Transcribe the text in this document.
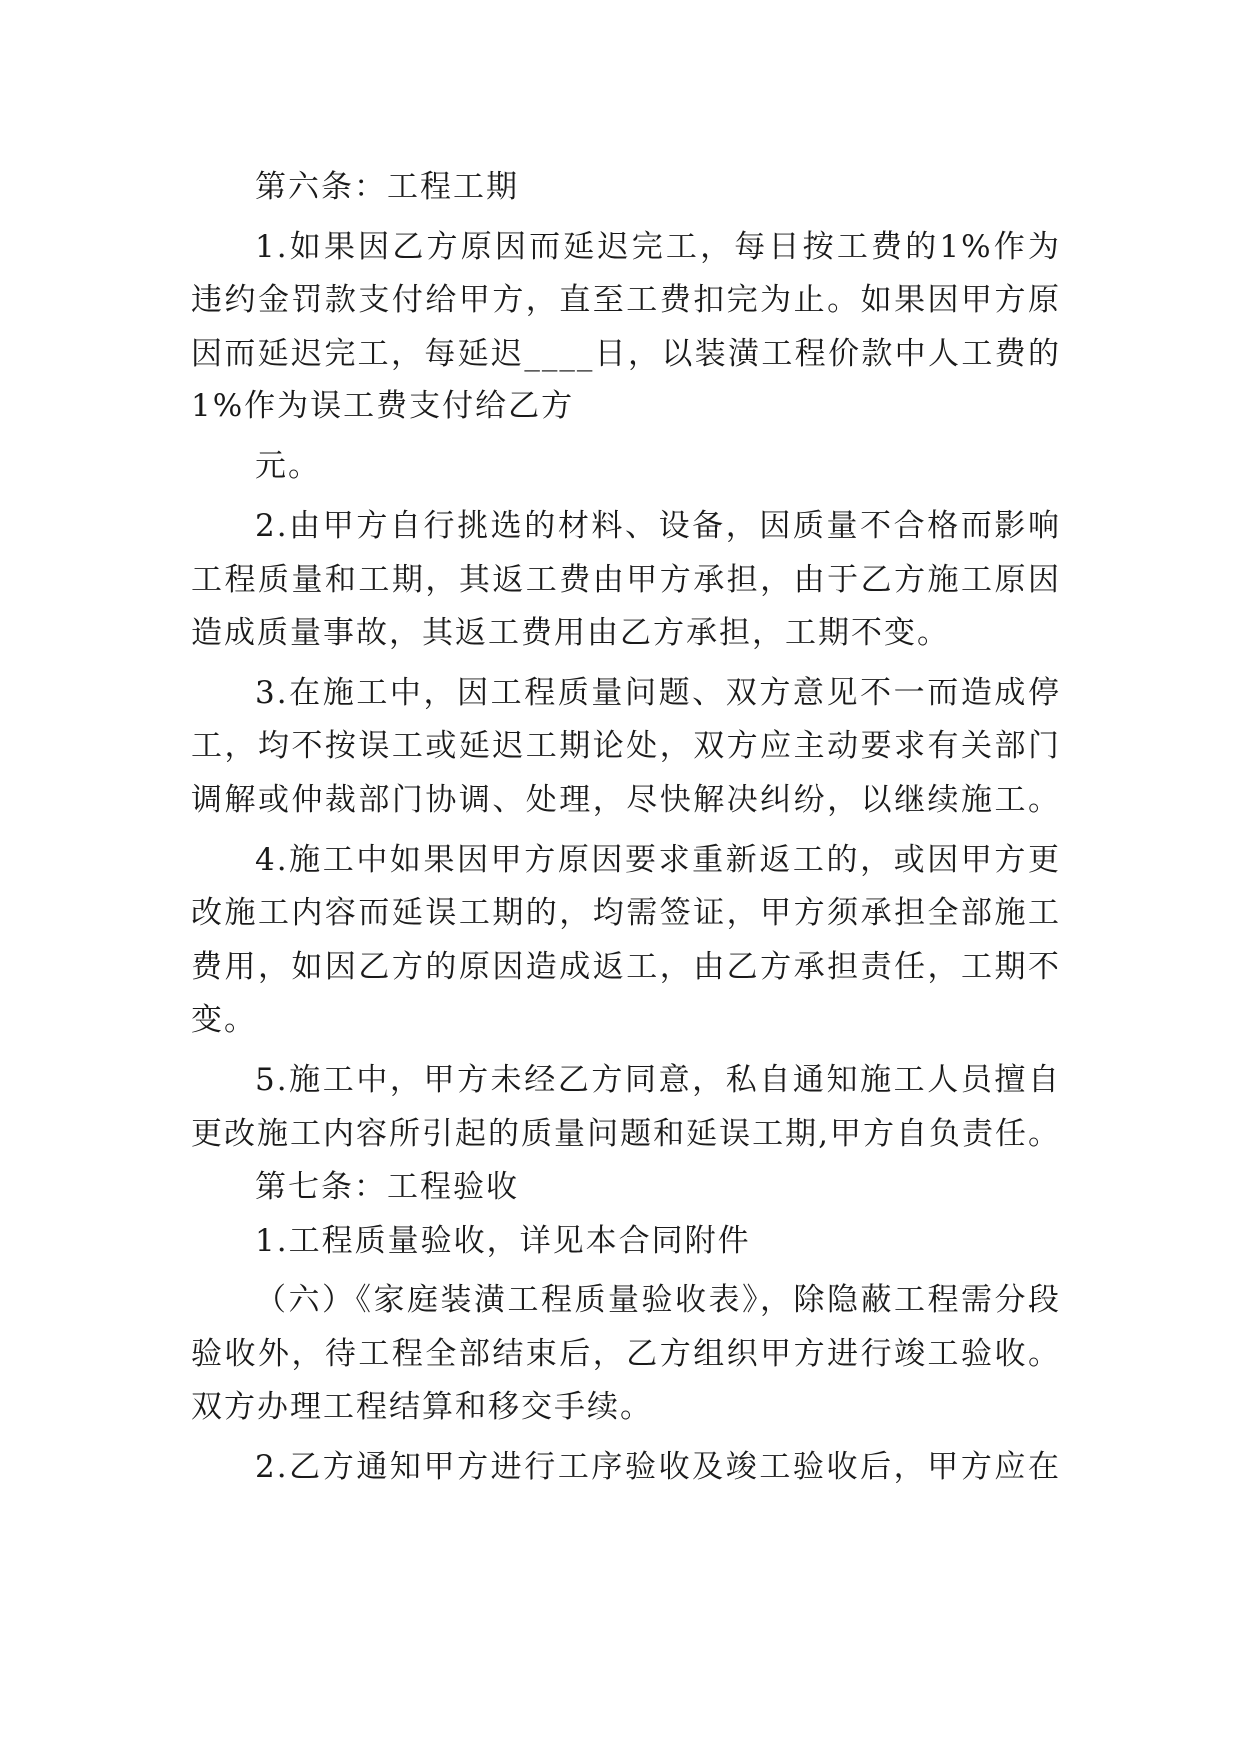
第六条：工程工期
1.如果因乙方原因而延迟完工，每日按工费的1%作为
违约金罚款支付给甲方，直至工费扣完为止。如果因甲方原
因而延迟完工，每延迟____日，以装潢工程价款中人工费的
1%作为误工费支付给乙方
元。
2.由甲方自行挑选的材料、设备，因质量不合格而影响
工程质量和工期，其返工费由甲方承担，由于乙方施工原因
造成质量事故，其返工费用由乙方承担，工期不变。
3.在施工中，因工程质量问题、双方意见不一而造成停
工，均不按误工或延迟工期论处，双方应主动要求有关部门
调解或仲裁部门协调、处理，尽快解决纠纷，以继续施工。
4.施工中如果因甲方原因要求重新返工的，或因甲方更
改施工内容而延误工期的，均需签证，甲方须承担全部施工
费用，如因乙方的原因造成返工，由乙方承担责任，工期不
变。
5.施工中，甲方未经乙方同意，私自通知施工人员擅自
更改施工内容所引起的质量问题和延误工期,甲方自负责任。
第七条：工程验收
1.工程质量验收，详见本合同附件
（六）《家庭装潢工程质量验收表》，除隐蔽工程需分段
验收外，待工程全部结束后，乙方组织甲方进行竣工验收。
双方办理工程结算和移交手续。
2.乙方通知甲方进行工序验收及竣工验收后，甲方应在
